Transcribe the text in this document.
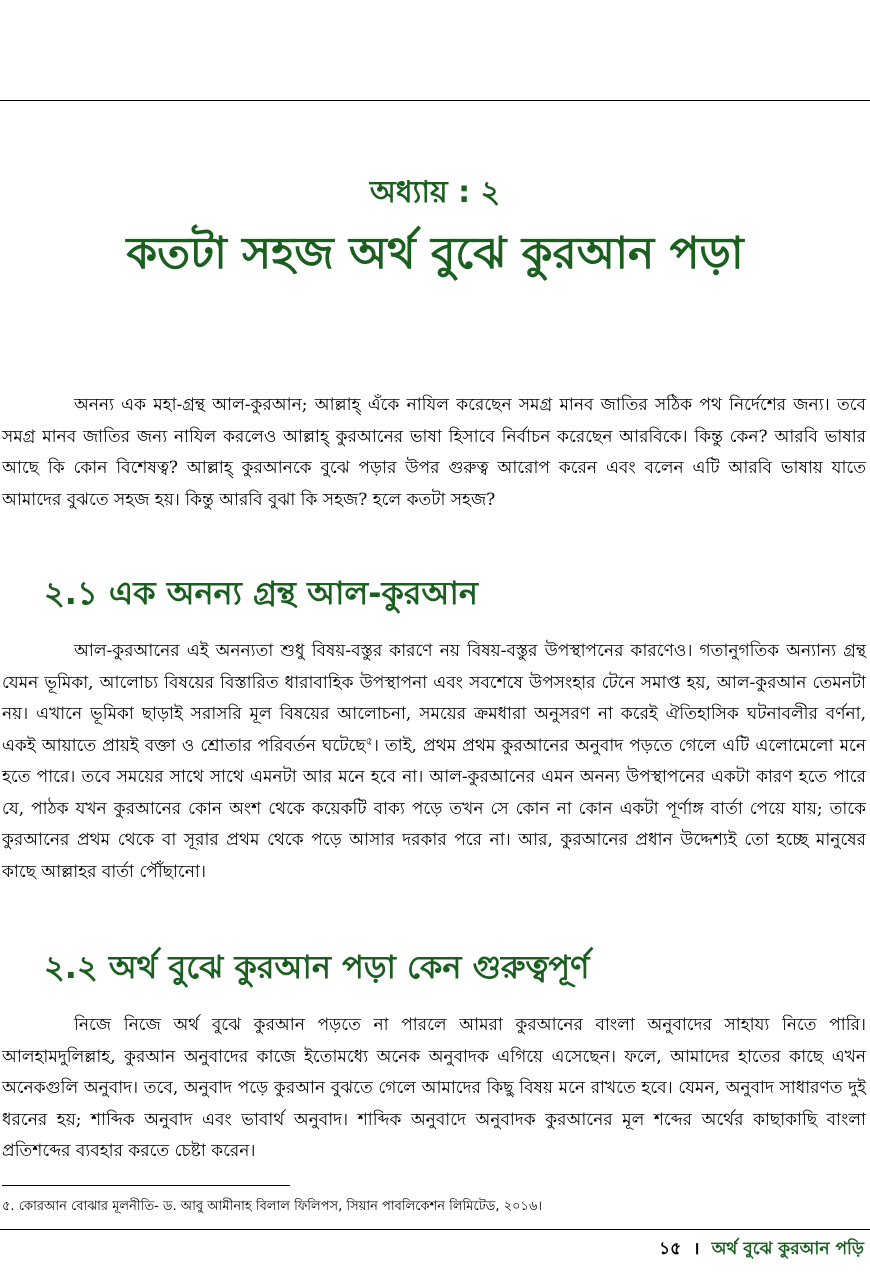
অধ্যায় : ২
কতটা সহজ অর্থ বুঝে কুরআন পড়া

অনন্য এক মহা-গ্রন্থ আল-কুরআন; আল্লাহ্ এঁকে নাযিল করেছেন সমগ্র মানব জাতির সঠিক পথ নির্দেশের জন্য। তবে সমগ্র মানব জাতির জন্য নাযিল করলেও আল্লাহ্ কুরআনের ভাষা হিসাবে নির্বাচন করেছেন আরবিকে। কিন্তু কেন? আরবি ভাষার আছে কি কোন বিশেষত্ব? আল্লাহ্ কুরআনকে বুঝে পড়ার উপর গুরুত্ব আরোপ করেন এবং বলেন এটি আরবি ভাষায় যাতে আমাদের বুঝতে সহজ হয়। কিন্তু আরবি বুঝা কি সহজ? হলে কতটা সহজ?

২.১ এক অনন্য গ্রন্থ আল-কুরআন

আল-কুরআনের এই অনন্যতা শুধু বিষয়-বস্তুর কারণে নয় বিষয়-বস্তুর উপস্থাপনের কারণেও। গতানুগতিক অন্যান্য গ্রন্থ যেমন ভূমিকা, আলোচ্য বিষয়ের বিস্তারিত ধারাবাহিক উপস্থাপনা এবং সবশেষে উপসংহার টেনে সমাপ্ত হয়, আল-কুরআন তেমনটা নয়। এখানে ভূমিকা ছাড়াই সরাসরি মূল বিষয়ের আলোচনা, সময়ের ক্রমধারা অনুসরণ না করেই ঐতিহাসিক ঘটনাবলীর বর্ণনা, একই আয়াতে প্রায়ই বক্তা ও শ্রোতার পরিবর্তন ঘটেছে$^৫$। তাই, প্রথম প্রথম কুরআনের অনুবাদ পড়তে গেলে এটি এলোমেলো মনে হতে পারে। তবে সময়ের সাথে সাথে এমনটা আর মনে হবে না। আল-কুরআনের এমন অনন্য উপস্থাপনের একটা কারণ হতে পারে যে, পাঠক যখন কুরআনের কোন অংশ থেকে কয়েকটি বাক্য পড়ে তখন সে কোন না কোন একটা পূর্ণাঙ্গ বার্তা পেয়ে যায়; তাকে কুরআনের প্রথম থেকে বা সূরার প্রথম থেকে পড়ে আসার দরকার পরে না। আর, কুরআনের প্রধান উদ্দেশ্যই তো হচ্ছে মানুষের কাছে আল্লাহর বার্তা পৌঁছানো।

২.২ অর্থ বুঝে কুরআন পড়া কেন গুরুত্বপূর্ণ

নিজে নিজে অর্থ বুঝে কুরআন পড়তে না পারলে আমরা কুরআনের বাংলা অনুবাদের সাহায্য নিতে পারি। আলহামদুলিল্লাহ, কুরআন অনুবাদের কাজে ইতোমধ্যে অনেক অনুবাদক এগিয়ে এসেছেন। ফলে, আমাদের হাতের কাছে এখন অনেকগুলি অনুবাদ। তবে, অনুবাদ পড়ে কুরআন বুঝতে গেলে আমাদের কিছু বিষয় মনে রাখতে হবে। যেমন, অনুবাদ সাধারণত দুই ধরনের হয়; শাব্দিক অনুবাদ এবং ভাবার্থ অনুবাদ। শাব্দিক অনুবাদে অনুবাদক কুরআনের মূল শব্দের অর্থের কাছাকাছি বাংলা প্রতিশব্দের ব্যবহার করতে চেষ্টা করেন।

৫. কোরআন বোঝার মূলনীতি- ড. আবু আমীনাহ বিলাল ফিলিপস, সিয়ান পাবলিকেশন লিমিটেড, ২০১৬।
১৫ । অর্থ বুঝে কুরআন পড়ি
